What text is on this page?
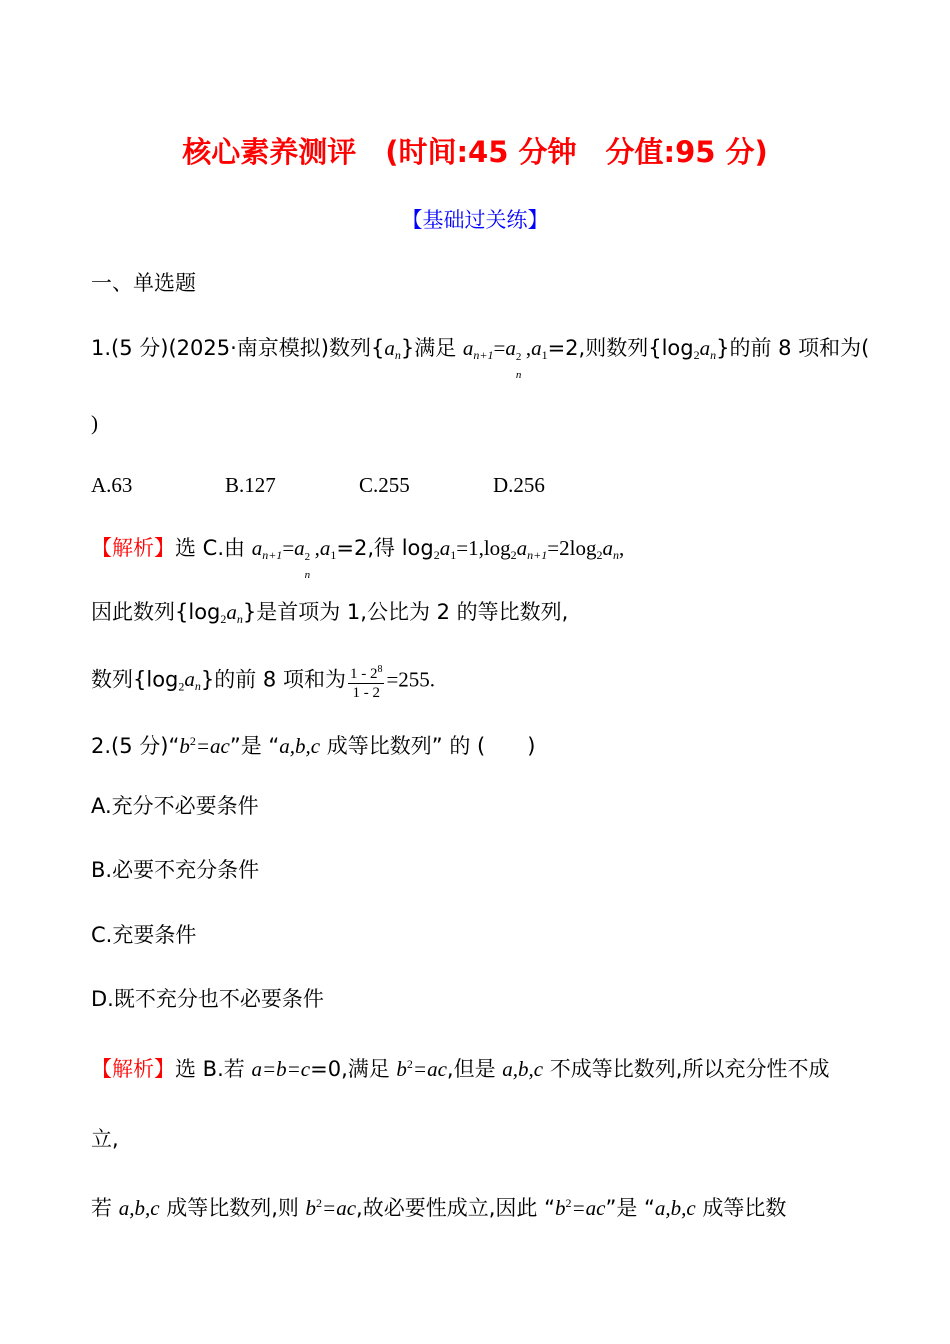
核心素养测评　(时间:45 分钟　分值:95 分)
【基础过关练】
一、单选题
1.(5 分)(2025·南京模拟)数列$\{a_n\}$满足 $a_{n+1}=a$ 2
n
$,a_1=2$,则数列$\{\log_2a_n\}$的前 8 项和为(
)
A.63	B.127	C.255	D.256
【解析】选 C.由 $a_{n+1}=a$ 2
n
$,a_1=2$,得 $\log_2a_1=1,\log_2a_{n+1}=2\log_2a_n$,
因此数列$\{\log_2a_n\}$是首项为 1,公比为 2 的等比数列,
数列$\{\log_2a_n\}$的前 8 项和为 $\frac{1 - 2^8}{1 - 2} =255$.
2.(5 分)“$b^2=ac$”是 “a,b,c 成等比数列” 的 (　　)
A.充分不必要条件
B.必要不充分条件
C.充要条件
D.既不充分也不必要条件
【解析】选 B.若 a=b=c=0,满足 $b^2=ac$,但是 a,b,c 不成等比数列,所以充分性不成
立,
若 a,b,c 成等比数列,则 $b^2=ac$,故必要性成立,因此 “$b^2=ac$”是 “a,b,c 成等比数
